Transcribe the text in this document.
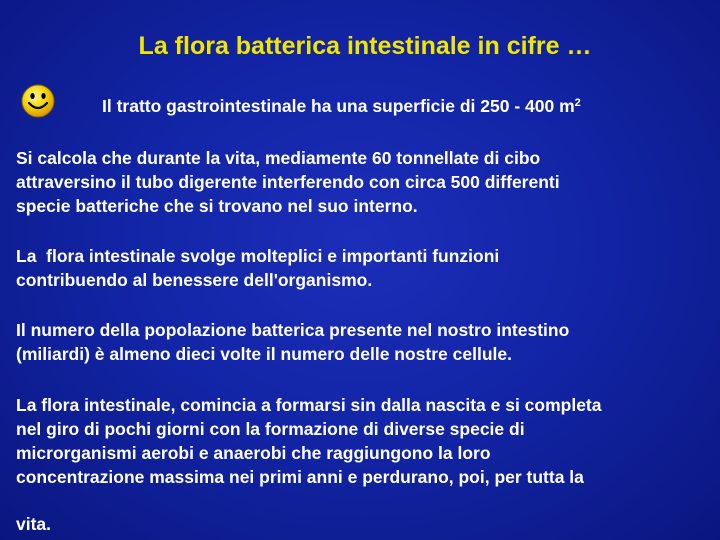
La flora batterica intestinale in cifre …
Il tratto gastrointestinale ha una superficie di 250 - 400 $m^2$
Si calcola che durante la vita, mediamente 60 tonnellate di cibo
attraversino il tubo digerente interferendo con circa 500 differenti
specie batteriche che si trovano nel suo interno.
La  flora intestinale svolge molteplici e importanti funzioni
contribuendo al benessere dell'organismo.
Il numero della popolazione batterica presente nel nostro intestino
(miliardi) è almeno dieci volte il numero delle nostre cellule.
La flora intestinale, comincia a formarsi sin dalla nascita e si completa
nel giro di pochi giorni con la formazione di diverse specie di
microrganismi aerobi e anaerobi che raggiungono la loro
concentrazione massima nei primi anni e perdurano, poi, per tutta la
vita.
